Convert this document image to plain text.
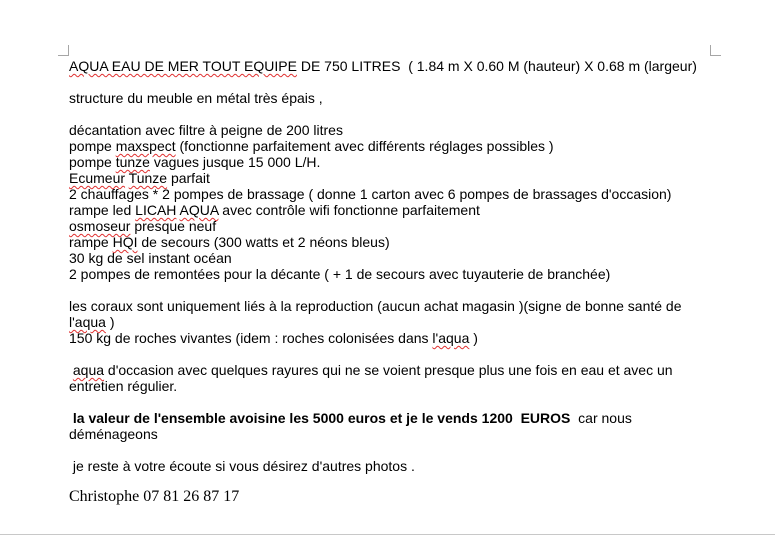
AQUA EAU DE MER TOUT EQUIPE DE 750 LITRES  ( 1.84 m X 0.60 M (hauteur) X 0.68 m (largeur)
structure du meuble en métal très épais ,
décantation avec filtre à peigne de 200 litres
pompe maxspect (fonctionne parfaitement avec différents réglages possibles )
pompe tunze vagues jusque 15 000 L/H.
Ecumeur Tunze parfait
2 chauffages * 2 pompes de brassage ( donne 1 carton avec 6 pompes de brassages d'occasion)
rampe led LICAH AQUA avec contrôle wifi fonctionne parfaitement
osmoseur presque neuf
rampe HQI de secours (300 watts et 2 néons bleus)
30 kg de sel instant océan
2 pompes de remontées pour la décante ( + 1 de secours avec tuyauterie de branchée)
les coraux sont uniquement liés à la reproduction (aucun achat magasin )(signe de bonne santé de
l'aqua )
150 kg de roches vivantes (idem : roches colonisées dans l'aqua )
aqua d'occasion avec quelques rayures qui ne se voient presque plus une fois en eau et avec un
entretien régulier.
la valeur de l'ensemble avoisine les 5000 euros et je le vends 1200  EUROS  car nous
déménageons
je reste à votre écoute si vous désirez d'autres photos .
Christophe 07 81 26 87 17
